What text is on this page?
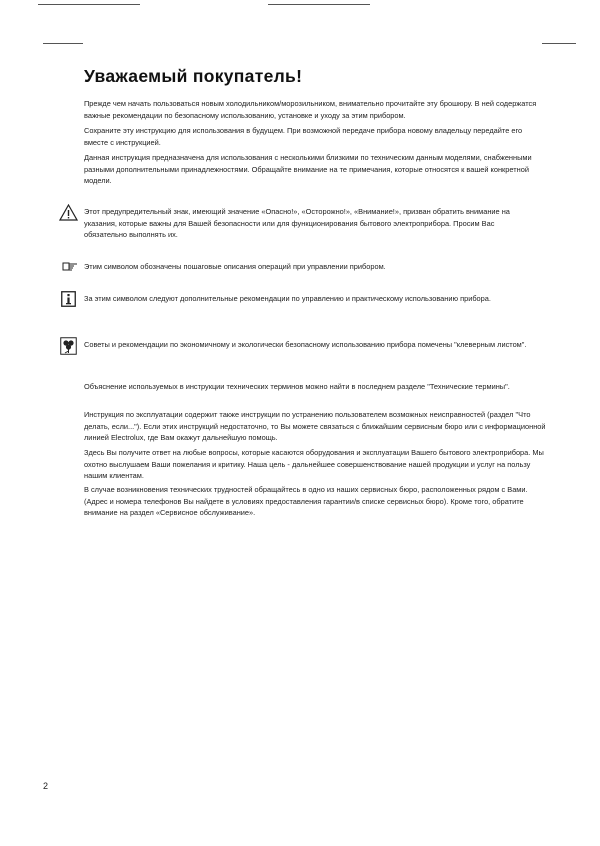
Уважаемый покупатель!

Прежде чем начать пользоваться новым холодильником/морозильником, внимательно прочитайте эту брошюру. В ней содержатся важные рекомендации по безопасному использованию, установке и уходу за этим прибором.

Сохраните эту инструкцию для использования в будущем. При возможной передаче прибора новому владельцу передайте его вместе с инструкцией.

Данная инструкция предназначена для использования с несколькими близкими по техническим данным моделями, снабженными разными дополнительными принадлежностями. Обращайте внимание на те примечания, которые относятся к вашей конкретной модели.

Этот предупредительный знак, имеющий значение «Опасно!», «Осторожно!», «Внимание!», призван обратить внимание на указания, которые важны для Вашей безопасности или для функционирования бытового электроприбора. Просим Вас обязательно выполнять их.

Этим символом обозначены пошаговые описания операций при управлении прибором.

За этим символом следуют дополнительные рекомендации по управлению и практическому использованию прибора.

Советы и рекомендации по экономичному и экологически безопасному использованию прибора помечены "клеверным листом".

Объяснение используемых в инструкции технических терминов можно найти в последнем разделе "Технические термины".

Инструкция по эксплуатации содержит также инструкции по устранению пользователем возможных неисправностей (раздел "Что делать, если..."). Если этих инструкций недостаточно, то Вы можете связаться с ближайшим сервисным бюро или с информационной линией Electrolux, где Вам окажут дальнейшую помощь.

Здесь Вы получите ответ на любые вопросы, которые касаются оборудования и эксплуатации Вашего бытового электроприбора. Мы охотно выслушаем Ваши пожелания и критику. Наша цель - дальнейшее совершенствование нашей продукции и услуг на пользу нашим клиентам.

В случае возникновения технических трудностей обращайтесь в одно из наших сервисных бюро, расположенных рядом с Вами. (Адрес и номера телефонов Вы найдете в условиях предоставления гарантии/в списке сервисных бюро). Кроме того, обратите внимание на раздел «Сервисное обслуживание».

2
